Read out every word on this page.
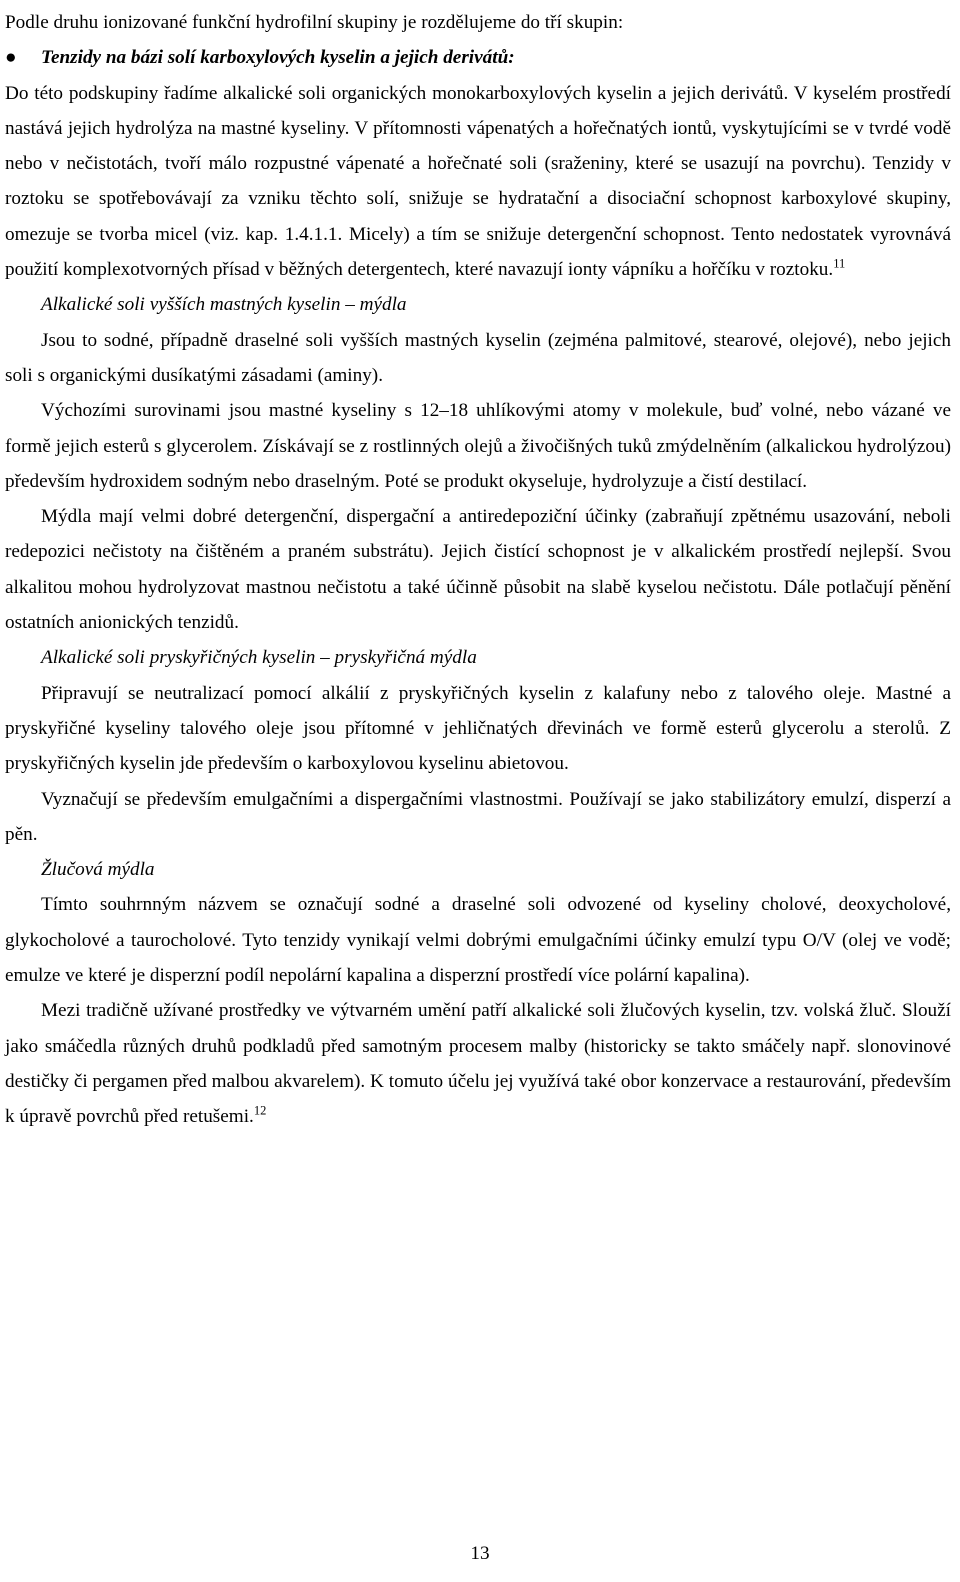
Podle druhu ionizované funkční hydrofilní skupiny je rozdělujeme do tří skupin:

●	Tenzidy na bázi solí karboxylových kyselin a jejich derivátů:

Do této podskupiny řadíme alkalické soli organických monokarboxylových kyselin a jejich derivátů. V kyselém prostředí nastává jejich hydrolýza na mastné kyseliny. V přítomnosti vápenatých a hořečnatých iontů, vyskytujícími se v tvrdé vodě nebo v nečistotách, tvoří málo rozpustné vápenaté a hořečnaté soli (sraženiny, které se usazují na povrchu). Tenzidy v roztoku se spotřebovávají za vzniku těchto solí, snižuje se hydratační a disociační schopnost karboxylové skupiny, omezuje se tvorba micel (viz. kap. 1.4.1.1. Micely) a tím se snižuje detergenční schopnost. Tento nedostatek vyrovnává použití komplexotvorných přísad v běžných detergentech, které navazují ionty vápníku a hořčíku v roztoku.$^{11}$

Alkalické soli vyšších mastných kyselin – mýdla

Jsou to sodné, případně draselné soli vyšších mastných kyselin (zejména palmitové, stearové, olejové), nebo jejich soli s organickými dusíkatými zásadami (aminy).

Výchozími surovinami jsou mastné kyseliny s 12–18 uhlíkovými atomy v molekule, buď volné, nebo vázané ve formě jejich esterů s glycerolem. Získávají se z rostlinných olejů a živočišných tuků zmýdelněním (alkalickou hydrolýzou) především hydroxidem sodným nebo draselným. Poté se produkt okyseluje, hydrolyzuje a čistí destilací.

Mýdla mají velmi dobré detergenční, dispergační a antiredepoziční účinky (zabraňují zpětnému usazování, neboli redepozici nečistoty na čištěném a praném substrátu). Jejich čistící schopnost je v alkalickém prostředí nejlepší. Svou alkalitou mohou hydrolyzovat mastnou nečistotu a také účinně působit na slabě kyselou nečistotu. Dále potlačují pěnění ostatních anionických tenzidů.

Alkalické soli pryskyřičných kyselin – pryskyřičná mýdla

Připravují se neutralizací pomocí alkálií z pryskyřičných kyselin z kalafuny nebo z talového oleje. Mastné a pryskyřičné kyseliny talového oleje jsou přítomné v jehličnatých dřevinách ve formě esterů glycerolu a sterolů. Z pryskyřičných kyselin jde především o karboxylovou kyselinu abietovou.

Vyznačují se především emulgačními a dispergačními vlastnostmi. Používají se jako stabilizátory emulzí, disperzí a pěn.

Žlučová mýdla

Tímto souhrnným názvem se označují sodné a draselné soli odvozené od kyseliny cholové, deoxycholové, glykocholové a taurocholové. Tyto tenzidy vynikají velmi dobrými emulgačními účinky emulzí typu O/V (olej ve vodě; emulze ve které je disperzní podíl nepolární kapalina a disperzní prostředí více polární kapalina).

Mezi tradičně užívané prostředky ve výtvarném umění patří alkalické soli žlučových kyselin, tzv. volská žluč. Slouží jako smáčedla různých druhů podkladů před samotným procesem malby (historicky se takto smáčely např. slonovinové destičky či pergamen před malbou akvarelem). K tomuto účelu jej využívá také obor konzervace a restaurování, především k úpravě povrchů před retušemi.$^{12}$

13
